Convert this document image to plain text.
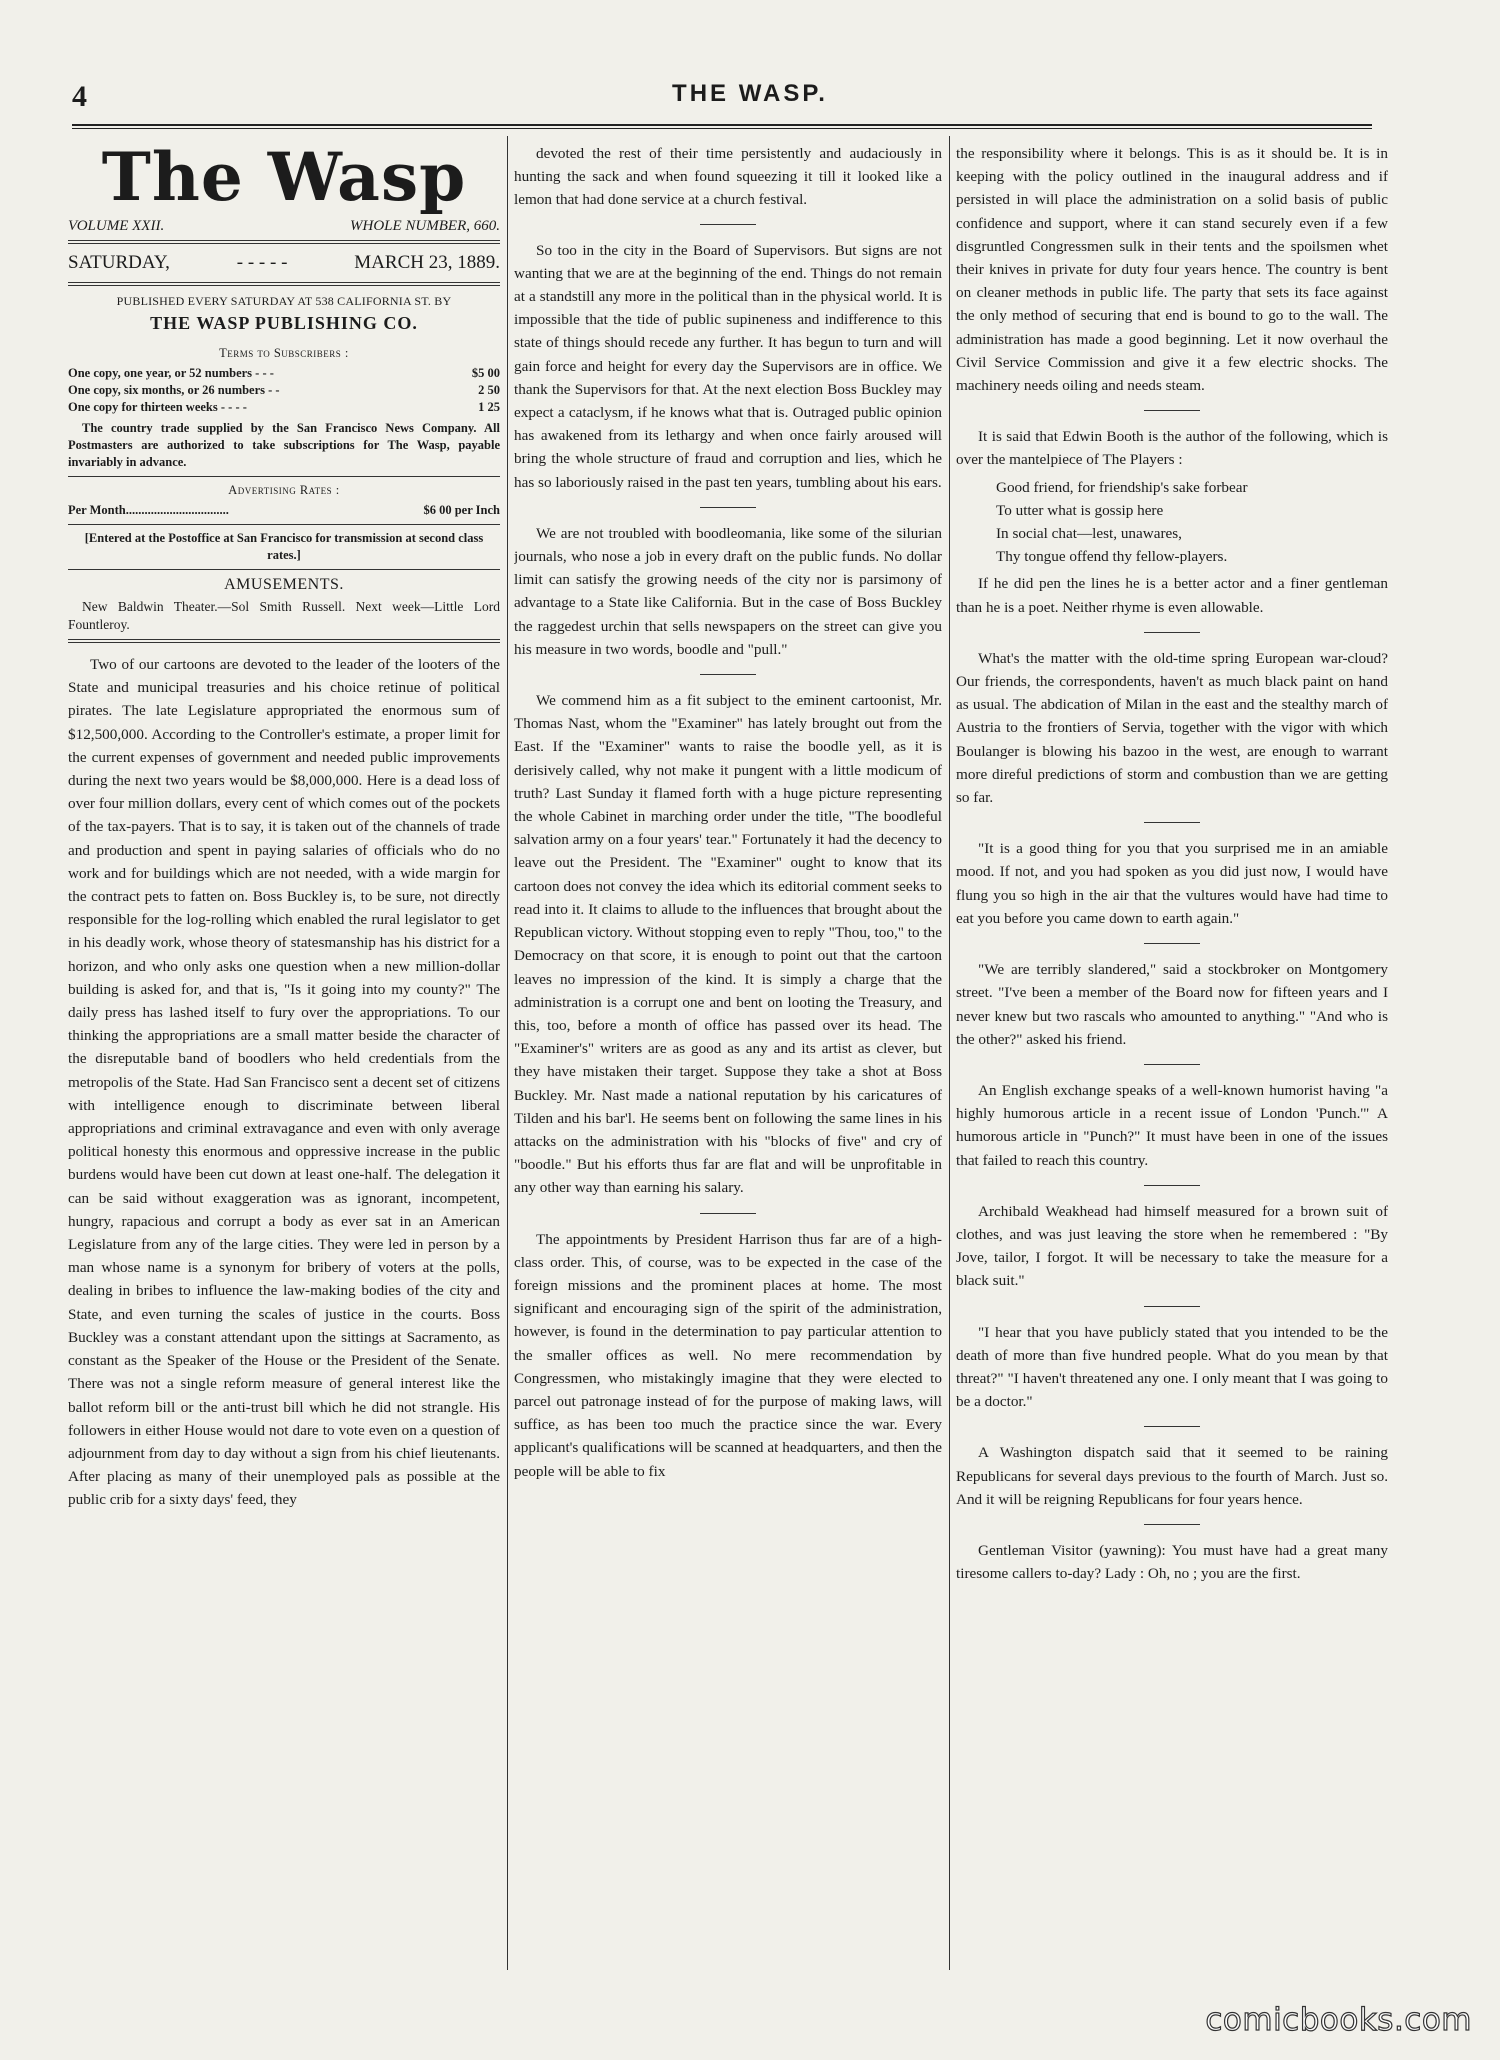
4	THE WASP.
The Wasp
VOLUME XXII.	WHOLE NUMBER, 660.
SATURDAY,	- - - - -	MARCH 23, 1889.
PUBLISHED EVERY SATURDAY AT 538 CALIFORNIA ST. BY
THE WASP PUBLISHING CO.
Terms to Subscribers :
One copy, one year, or 52 numbers - - -	$5 00
One copy, six months, or 26 numbers - -	2 50
One copy for thirteen weeks - - - -	1 25
The country trade supplied by the San Francisco News Company. All Postmasters are authorized to take subscriptions for The Wasp, payable invariably in advance.
Advertising Rates :
Per Month.................................	$6 00 per Inch
[Entered at the Postoffice at San Francisco for transmission at second class rates.]
AMUSEMENTS.
New Baldwin Theater.—Sol Smith Russell. Next week—Little Lord Fountleroy.

Two of our cartoons are devoted to the leader of the looters of the State and municipal treasuries and his choice retinue of political pirates. The late Legislature appropriated the enormous sum of $12,500,000. According to the Controller's estimate, a proper limit for the current expenses of government and needed public improvements during the next two years would be $8,000,000. Here is a dead loss of over four million dollars, every cent of which comes out of the pockets of the tax-payers. That is to say, it is taken out of the channels of trade and production and spent in paying salaries of officials who do no work and for buildings which are not needed, with a wide margin for the contract pets to fatten on. Boss Buckley is, to be sure, not directly responsible for the log-rolling which enabled the rural legislator to get in his deadly work, whose theory of statesmanship has his district for a horizon, and who only asks one question when a new million-dollar building is asked for, and that is, "Is it going into my county?" The daily press has lashed itself to fury over the appropriations. To our thinking the appropriations are a small matter beside the character of the disreputable band of boodlers who held credentials from the metropolis of the State. Had San Francisco sent a decent set of citizens with intelligence enough to discriminate between liberal appropriations and criminal extravagance and even with only average political honesty this enormous and oppressive increase in the public burdens would have been cut down at least one-half. The delegation it can be said without exaggeration was as ignorant, incompetent, hungry, rapacious and corrupt a body as ever sat in an American Legislature from any of the large cities. They were led in person by a man whose name is a synonym for bribery of voters at the polls, dealing in bribes to influence the law-making bodies of the city and State, and even turning the scales of justice in the courts. Boss Buckley was a constant attendant upon the sittings at Sacramento, as constant as the Speaker of the House or the President of the Senate. There was not a single reform measure of general interest like the ballot reform bill or the anti-trust bill which he did not strangle. His followers in either House would not dare to vote even on a question of adjournment from day to day without a sign from his chief lieutenants. After placing as many of their unemployed pals as possible at the public crib for a sixty days' feed, they

devoted the rest of their time persistently and audaciously in hunting the sack and when found squeezing it till it looked like a lemon that had done service at a church festival.

So too in the city in the Board of Supervisors. But signs are not wanting that we are at the beginning of the end. Things do not remain at a standstill any more in the political than in the physical world. It is impossible that the tide of public supineness and indifference to this state of things should recede any further. It has begun to turn and will gain force and height for every day the Supervisors are in office. We thank the Supervisors for that. At the next election Boss Buckley may expect a cataclysm, if he knows what that is. Outraged public opinion has awakened from its lethargy and when once fairly aroused will bring the whole structure of fraud and corruption and lies, which he has so laboriously raised in the past ten years, tumbling about his ears.

We are not troubled with boodleomania, like some of the silurian journals, who nose a job in every draft on the public funds. No dollar limit can satisfy the growing needs of the city nor is parsimony of advantage to a State like California. But in the case of Boss Buckley the raggedest urchin that sells newspapers on the street can give you his measure in two words, boodle and "pull."

We commend him as a fit subject to the eminent cartoonist, Mr. Thomas Nast, whom the "Examiner" has lately brought out from the East. If the "Examiner" wants to raise the boodle yell, as it is derisively called, why not make it pungent with a little modicum of truth? Last Sunday it flamed forth with a huge picture representing the whole Cabinet in marching order under the title, "The boodleful salvation army on a four years' tear." Fortunately it had the decency to leave out the President. The "Examiner" ought to know that its cartoon does not convey the idea which its editorial comment seeks to read into it. It claims to allude to the influences that brought about the Republican victory. Without stopping even to reply "Thou, too," to the Democracy on that score, it is enough to point out that the cartoon leaves no impression of the kind. It is simply a charge that the administration is a corrupt one and bent on looting the Treasury, and this, too, before a month of office has passed over its head. The "Examiner's" writers are as good as any and its artist as clever, but they have mistaken their target. Suppose they take a shot at Boss Buckley. Mr. Nast made a national reputation by his caricatures of Tilden and his bar'l. He seems bent on following the same lines in his attacks on the administration with his "blocks of five" and cry of "boodle." But his efforts thus far are flat and will be unprofitable in any other way than earning his salary.

The appointments by President Harrison thus far are of a high-class order. This, of course, was to be expected in the case of the foreign missions and the prominent places at home. The most significant and encouraging sign of the spirit of the administration, however, is found in the determination to pay particular attention to the smaller offices as well. No mere recommendation by Congressmen, who mistakingly imagine that they were elected to parcel out patronage instead of for the purpose of making laws, will suffice, as has been too much the practice since the war. Every applicant's qualifications will be scanned at headquarters, and then the people will be able to fix

the responsibility where it belongs. This is as it should be. It is in keeping with the policy outlined in the inaugural address and if persisted in will place the administration on a solid basis of public confidence and support, where it can stand securely even if a few disgruntled Congressmen sulk in their tents and the spoilsmen whet their knives in private for duty four years hence. The country is bent on cleaner methods in public life. The party that sets its face against the only method of securing that end is bound to go to the wall. The administration has made a good beginning. Let it now overhaul the Civil Service Commission and give it a few electric shocks. The machinery needs oiling and needs steam.

It is said that Edwin Booth is the author of the following, which is over the mantelpiece of The Players :

Good friend, for friendship's sake forbear
To utter what is gossip here
In social chat—lest, unawares,
Thy tongue offend thy fellow-players.

If he did pen the lines he is a better actor and a finer gentleman than he is a poet. Neither rhyme is even allowable.

What's the matter with the old-time spring European war-cloud? Our friends, the correspondents, haven't as much black paint on hand as usual. The abdication of Milan in the east and the stealthy march of Austria to the frontiers of Servia, together with the vigor with which Boulanger is blowing his bazoo in the west, are enough to warrant more direful predictions of storm and combustion than we are getting so far.

"It is a good thing for you that you surprised me in an amiable mood. If not, and you had spoken as you did just now, I would have flung you so high in the air that the vultures would have had time to eat you before you came down to earth again."

"We are terribly slandered," said a stockbroker on Montgomery street. "I've been a member of the Board now for fifteen years and I never knew but two rascals who amounted to anything." "And who is the other?" asked his friend.

An English exchange speaks of a well-known humorist having "a highly humorous article in a recent issue of London 'Punch.'" A humorous article in "Punch?" It must have been in one of the issues that failed to reach this country.

Archibald Weakhead had himself measured for a brown suit of clothes, and was just leaving the store when he remembered : "By Jove, tailor, I forgot. It will be necessary to take the measure for a black suit."

"I hear that you have publicly stated that you intended to be the death of more than five hundred people. What do you mean by that threat?" "I haven't threatened any one. I only meant that I was going to be a doctor."

A Washington dispatch said that it seemed to be raining Republicans for several days previous to the fourth of March. Just so. And it will be reigning Republicans for four years hence.

Gentleman Visitor (yawning): You must have had a great many tiresome callers to-day? Lady : Oh, no ; you are the first.

comicbooks.com
